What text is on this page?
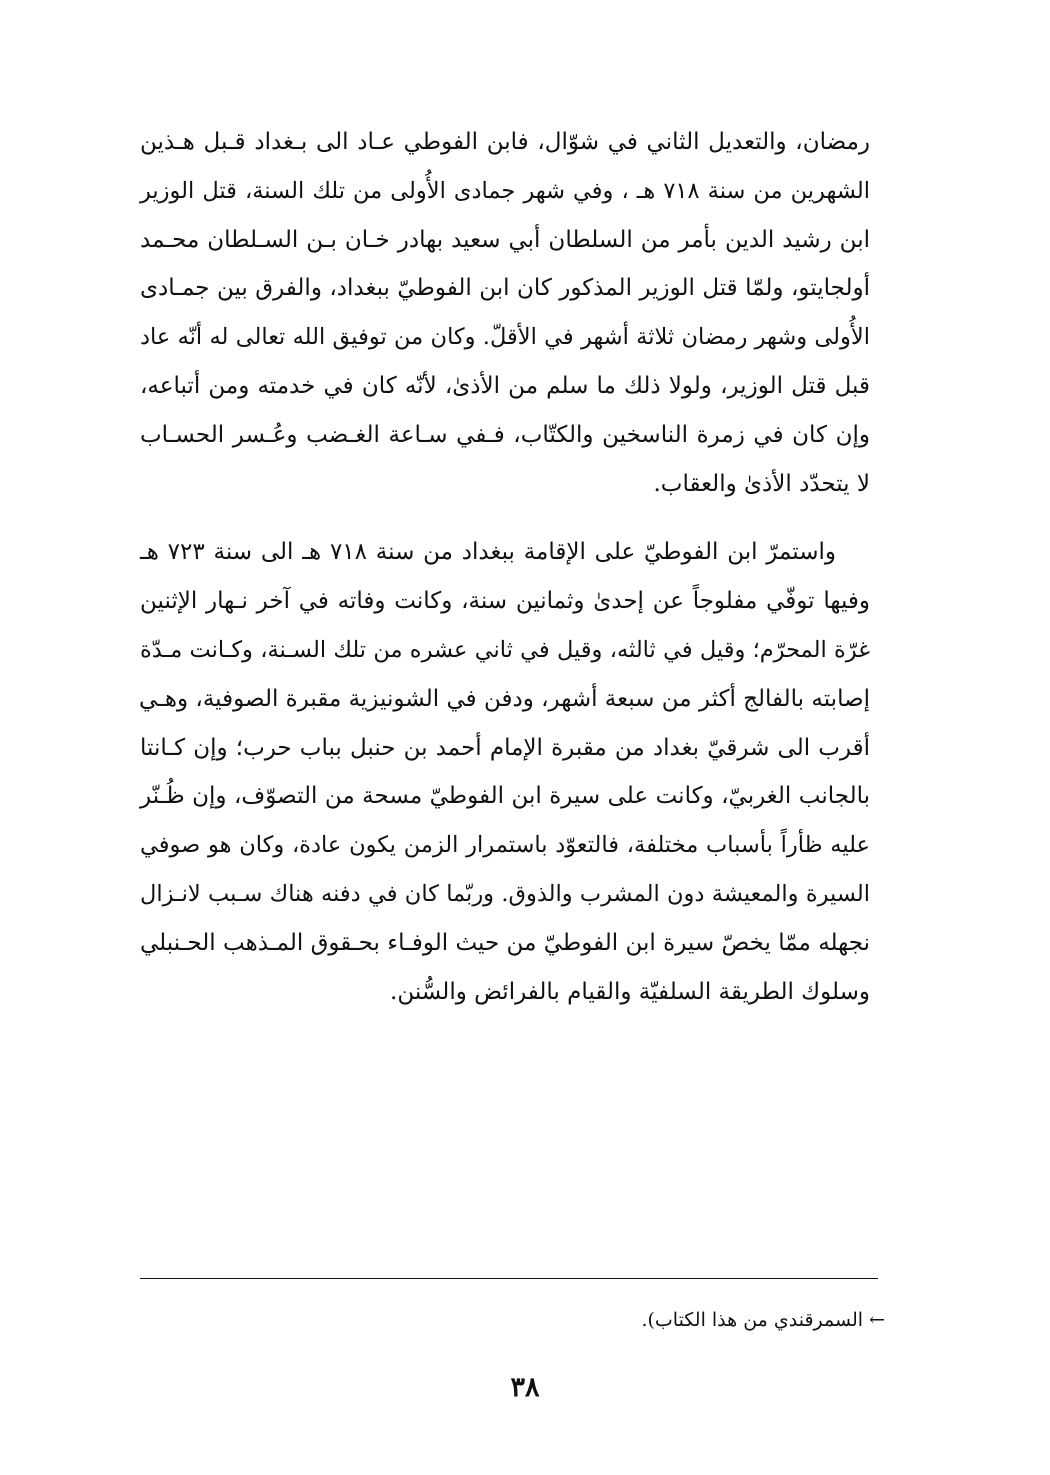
رمضان، والتعديل الثاني في شوّال، فابن الفوطي عـاد الى بـغداد قـبل هـذين
الشهرين من سنة ٧١٨ هـ ، وفي شهر جمادى الأُولى من تلك السنة، قتل الوزير
ابن رشيد الدين بأمر من السلطان أبي سعيد بهادر خـان بـن السـلطان محـمد
أولجايتو، ولمّا قتل الوزير المذكور كان ابن الفوطيّ ببغداد، والفرق بين جمـادى
الأُولى وشهر رمضان ثلاثة أشهر في الأقلّ. وكان من توفيق الله تعالى له أنّه عاد
قبل قتل الوزير، ولولا ذلك ما سلم من الأذىٰ، لأنّه كان في خدمته ومن أتباعه،
وإن كان في زمرة الناسخين والكتّاب، فـفي سـاعة الغـضب وعُـسر الحسـاب
لا يتحدّد الأذىٰ والعقاب.
واستمرّ ابن الفوطيّ على الإقامة ببغداد من سنة ٧١٨ هـ الى سنة ٧٢٣ هـ
وفيها توفّي مفلوجاً عن إحدىٰ وثمانين سنة، وكانت وفاته في آخر نـهار الإثنين
غرّة المحرّم؛ وقيل في ثالثه، وقيل في ثاني عشره من تلك السـنة، وكـانت مـدّة
إصابته بالفالج أكثر من سبعة أشهر، ودفن في الشونيزية مقبرة الصوفية، وهـي
أقرب الى شرقيّ بغداد من مقبرة الإمام أحمد بن حنبل بباب حرب؛ وإن كـانتا
بالجانب الغربيّ، وكانت على سيرة ابن الفوطيّ مسحة من التصوّف، وإن ظُـنّر
عليه ظأراً بأسباب مختلفة، فالتعوّد باستمرار الزمن يكون عادة، وكان هو صوفي
السيرة والمعيشة دون المشرب والذوق. وربّما كان في دفنه هناك سـبب لانـزال
نجهله ممّا يخصّ سيرة ابن الفوطيّ من حيث الوفـاء بحـقوق المـذهب الحـنبلي
وسلوك الطريقة السلفيّة والقيام بالفرائض والسُّنن.
← السمرقندي من هذا الكتاب).
٣٨
